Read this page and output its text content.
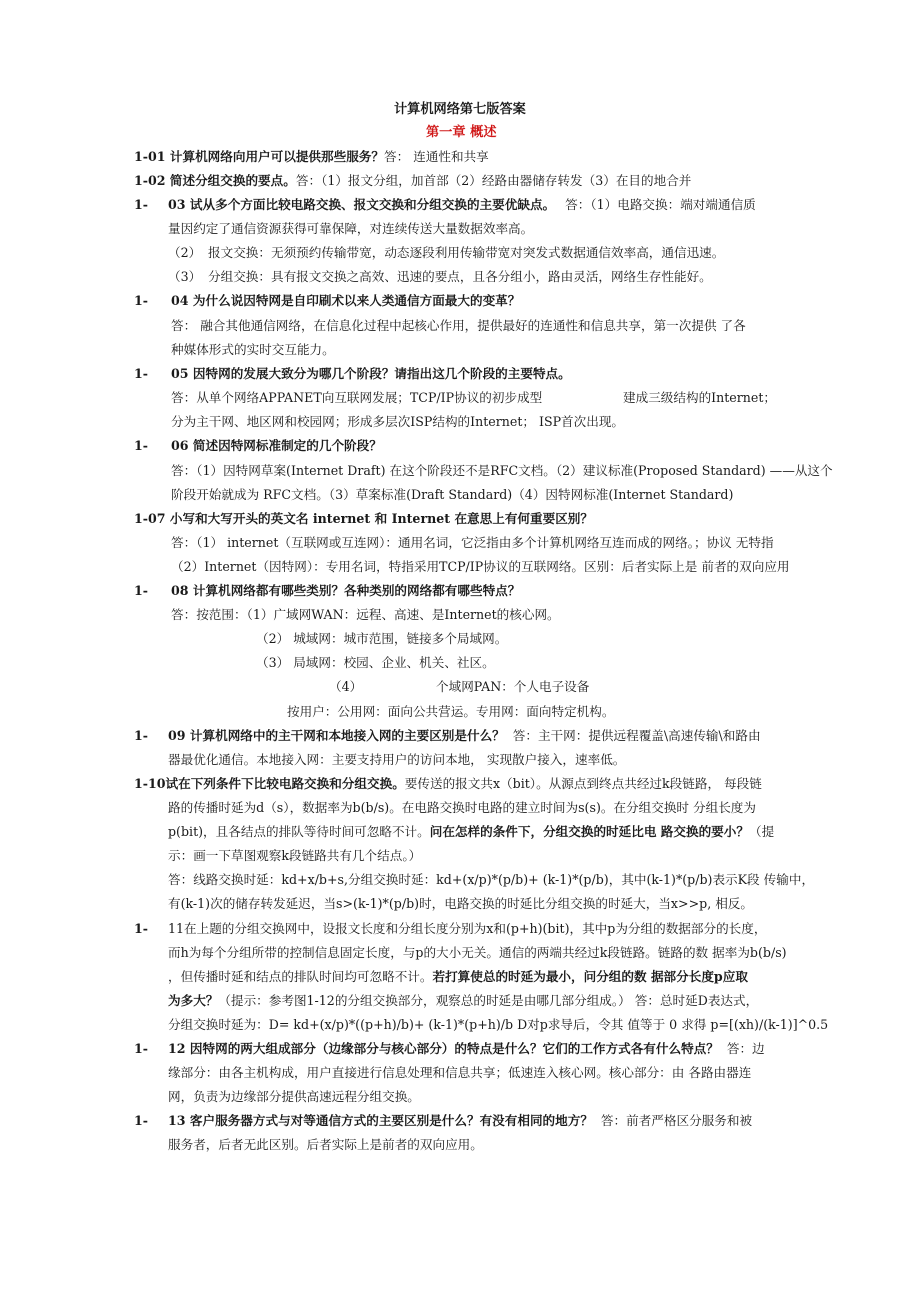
计算机网络第七版答案
第一章 概述
1-01 计算机网络向用户可以提供那些服务？答： 连通性和共享
1-02 简述分组交换的要点。答：（1）报文分组，加首部（2）经路由器储存转发（3）在目的地合并
1- 03 试从多个方面比较电路交换、报文交换和分组交换的主要优缺点。 答：（1）电路交换：端对端通信质
量因约定了通信资源获得可靠保障，对连续传送大量数据效率高。
（2） 报文交换：无须预约传输带宽，动态逐段利用传输带宽对突发式数据通信效率高，通信迅速。
（3） 分组交换：具有报文交换之高效、迅速的要点，且各分组小，路由灵活，网络生存性能好。
1- 04 为什么说因特网是自印刷术以来人类通信方面最大的变革？
答： 融合其他通信网络，在信息化过程中起核心作用，提供最好的连通性和信息共享，第一次提供 了各
种媒体形式的实时交互能力。
1- 05 因特网的发展大致分为哪几个阶段？请指出这几个阶段的主要特点。
答：从单个网络APPANET向互联网发展；TCP/IP协议的初步成型	建成三级结构的Internet；
分为主干网、地区网和校园网；形成多层次ISP结构的Internet； ISP首次出现。
1- 06 简述因特网标准制定的几个阶段？
答：（1）因特网草案(Internet Draft) 在这个阶段还不是RFC文档。（2）建议标准(Proposed Standard) ——从这个
阶段开始就成为 RFC文档。（3）草案标准(Draft Standard)（4）因特网标准(Internet Standard)
1-07 小写和大写开头的英文名 internet 和 Internet 在意思上有何重要区别？
答：（1） internet（互联网或互连网）：通用名词，它泛指由多个计算机网络互连而成的网络。；协议 无特指
（2）Internet（因特网）：专用名词，特指采用TCP/IP协议的互联网络。区别：后者实际上是 前者的双向应用
1- 08 计算机网络都有哪些类别？各种类别的网络都有哪些特点？
答：按范围：（1）广域网WAN：远程、高速、是Internet的核心网。
（2） 城域网：城市范围，链接多个局域网。
（3） 局域网：校园、企业、机关、社区。
（4）	个域网PAN：个人电子设备
按用户：公用网：面向公共营运。专用网：面向特定机构。
1- 09 计算机网络中的主干网和本地接入网的主要区别是什么？ 答：主干网：提供远程覆盖\高速传输\和路由
器最优化通信。本地接入网：主要支持用户的访问本地， 实现散户接入，速率低。
1-10试在下列条件下比较电路交换和分组交换。要传送的报文共x（bit）。从源点到终点共经过k段链路， 每段链
路的传播时延为d（s），数据率为b(b/s)。在电路交换时电路的建立时间为s(s)。在分组交换时 分组长度为
p(bit)，且各结点的排队等待时间可忽略不计。问在怎样的条件下，分组交换的时延比电 路交换的要小？（提
示：画一下草图观察k段链路共有几个结点。）
答：线路交换时延：kd+x/b+s,分组交换时延：kd+(x/p)*(p/b)+ (k-1)*(p/b)，其中(k-1)*(p/b)表示K段 传输中，
有(k-1)次的储存转发延迟，当s>(k-1)*(p/b)时，电路交换的时延比分组交换的时延大，当x>>p, 相反。
1- 11在上题的分组交换网中，设报文长度和分组长度分别为x和(p+h)(bit)，其中p为分组的数据部分的长度，
而h为每个分组所带的控制信息固定长度，与p的大小无关。通信的两端共经过k段链路。链路的数 据率为b(b/s)
，但传播时延和结点的排队时间均可忽略不计。若打算使总的时延为最小，问分组的数 据部分长度p应取
为多大？（提示：参考图1-12的分组交换部分，观察总的时延是由哪几部分组成。） 答：总时延D表达式，
分组交换时延为：D= kd+(x/p)*((p+h)/b)+ (k-1)*(p+h)/b D对p求导后，令其 值等于 0 求得 p=[(xh)/(k-1)]^0.5
1- 12 因特网的两大组成部分（边缘部分与核心部分）的特点是什么？它们的工作方式各有什么特点？ 答：边
缘部分：由各主机构成，用户直接进行信息处理和信息共享；低速连入核心网。核心部分：由 各路由器连
网，负责为边缘部分提供高速远程分组交换。
1- 13 客户服务器方式与对等通信方式的主要区别是什么？有没有相同的地方？ 答：前者严格区分服务和被
服务者，后者无此区别。后者实际上是前者的双向应用。
